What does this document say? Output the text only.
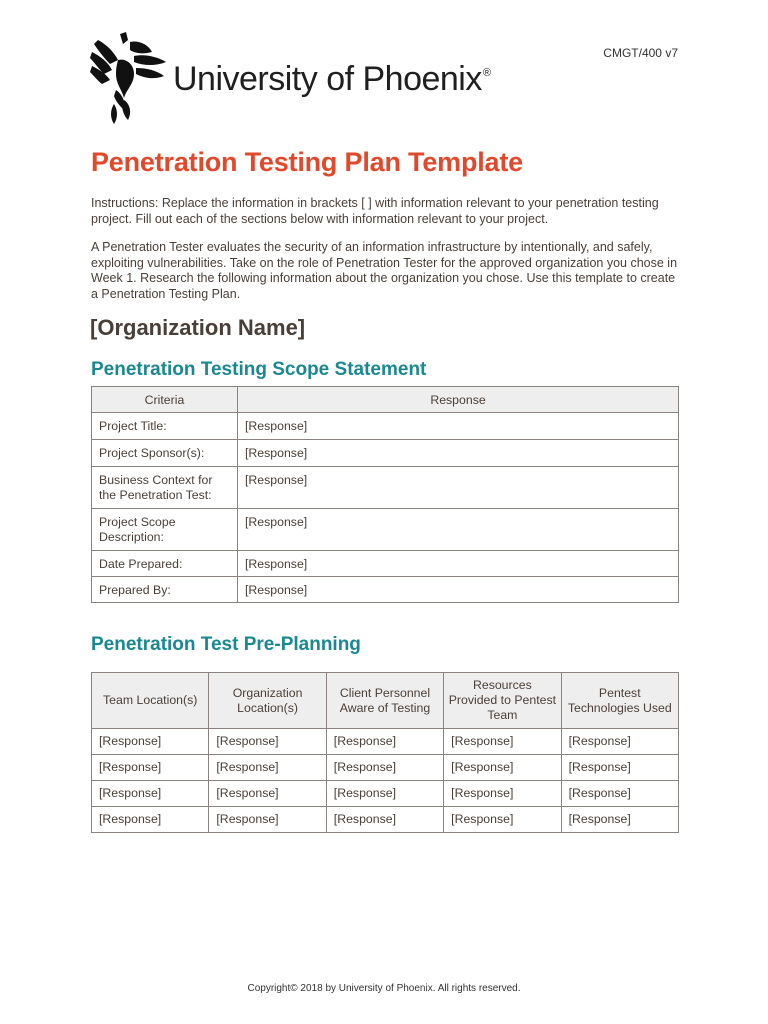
University of Phoenix®
CMGT/400 v7
Penetration Testing Plan Template

Instructions: Replace the information in brackets [ ] with information relevant to your penetration testing project. Fill out each of the sections below with information relevant to your project.

A Penetration Tester evaluates the security of an information infrastructure by intentionally, and safely, exploiting vulnerabilities. Take on the role of Penetration Tester for the approved organization you chose in Week 1. Research the following information about the organization you chose. Use this template to create a Penetration Testing Plan.

[Organization Name]
Penetration Testing Scope Statement
Criteria	Response
Project Title:	[Response]
Project Sponsor(s):	[Response]
Business Context for the Penetration Test:	[Response]
Project Scope Description:	[Response]
Date Prepared:	[Response]
Prepared By:	[Response]
Penetration Test Pre-Planning
Team Location(s)	Organization Location(s)	Client Personnel Aware of Testing	Resources Provided to Pentest Team	Pentest Technologies Used
[Response]	[Response]	[Response]	[Response]	[Response]
[Response]	[Response]	[Response]	[Response]	[Response]
[Response]	[Response]	[Response]	[Response]	[Response]
[Response]	[Response]	[Response]	[Response]	[Response]
Copyright© 2018 by University of Phoenix. All rights reserved.
